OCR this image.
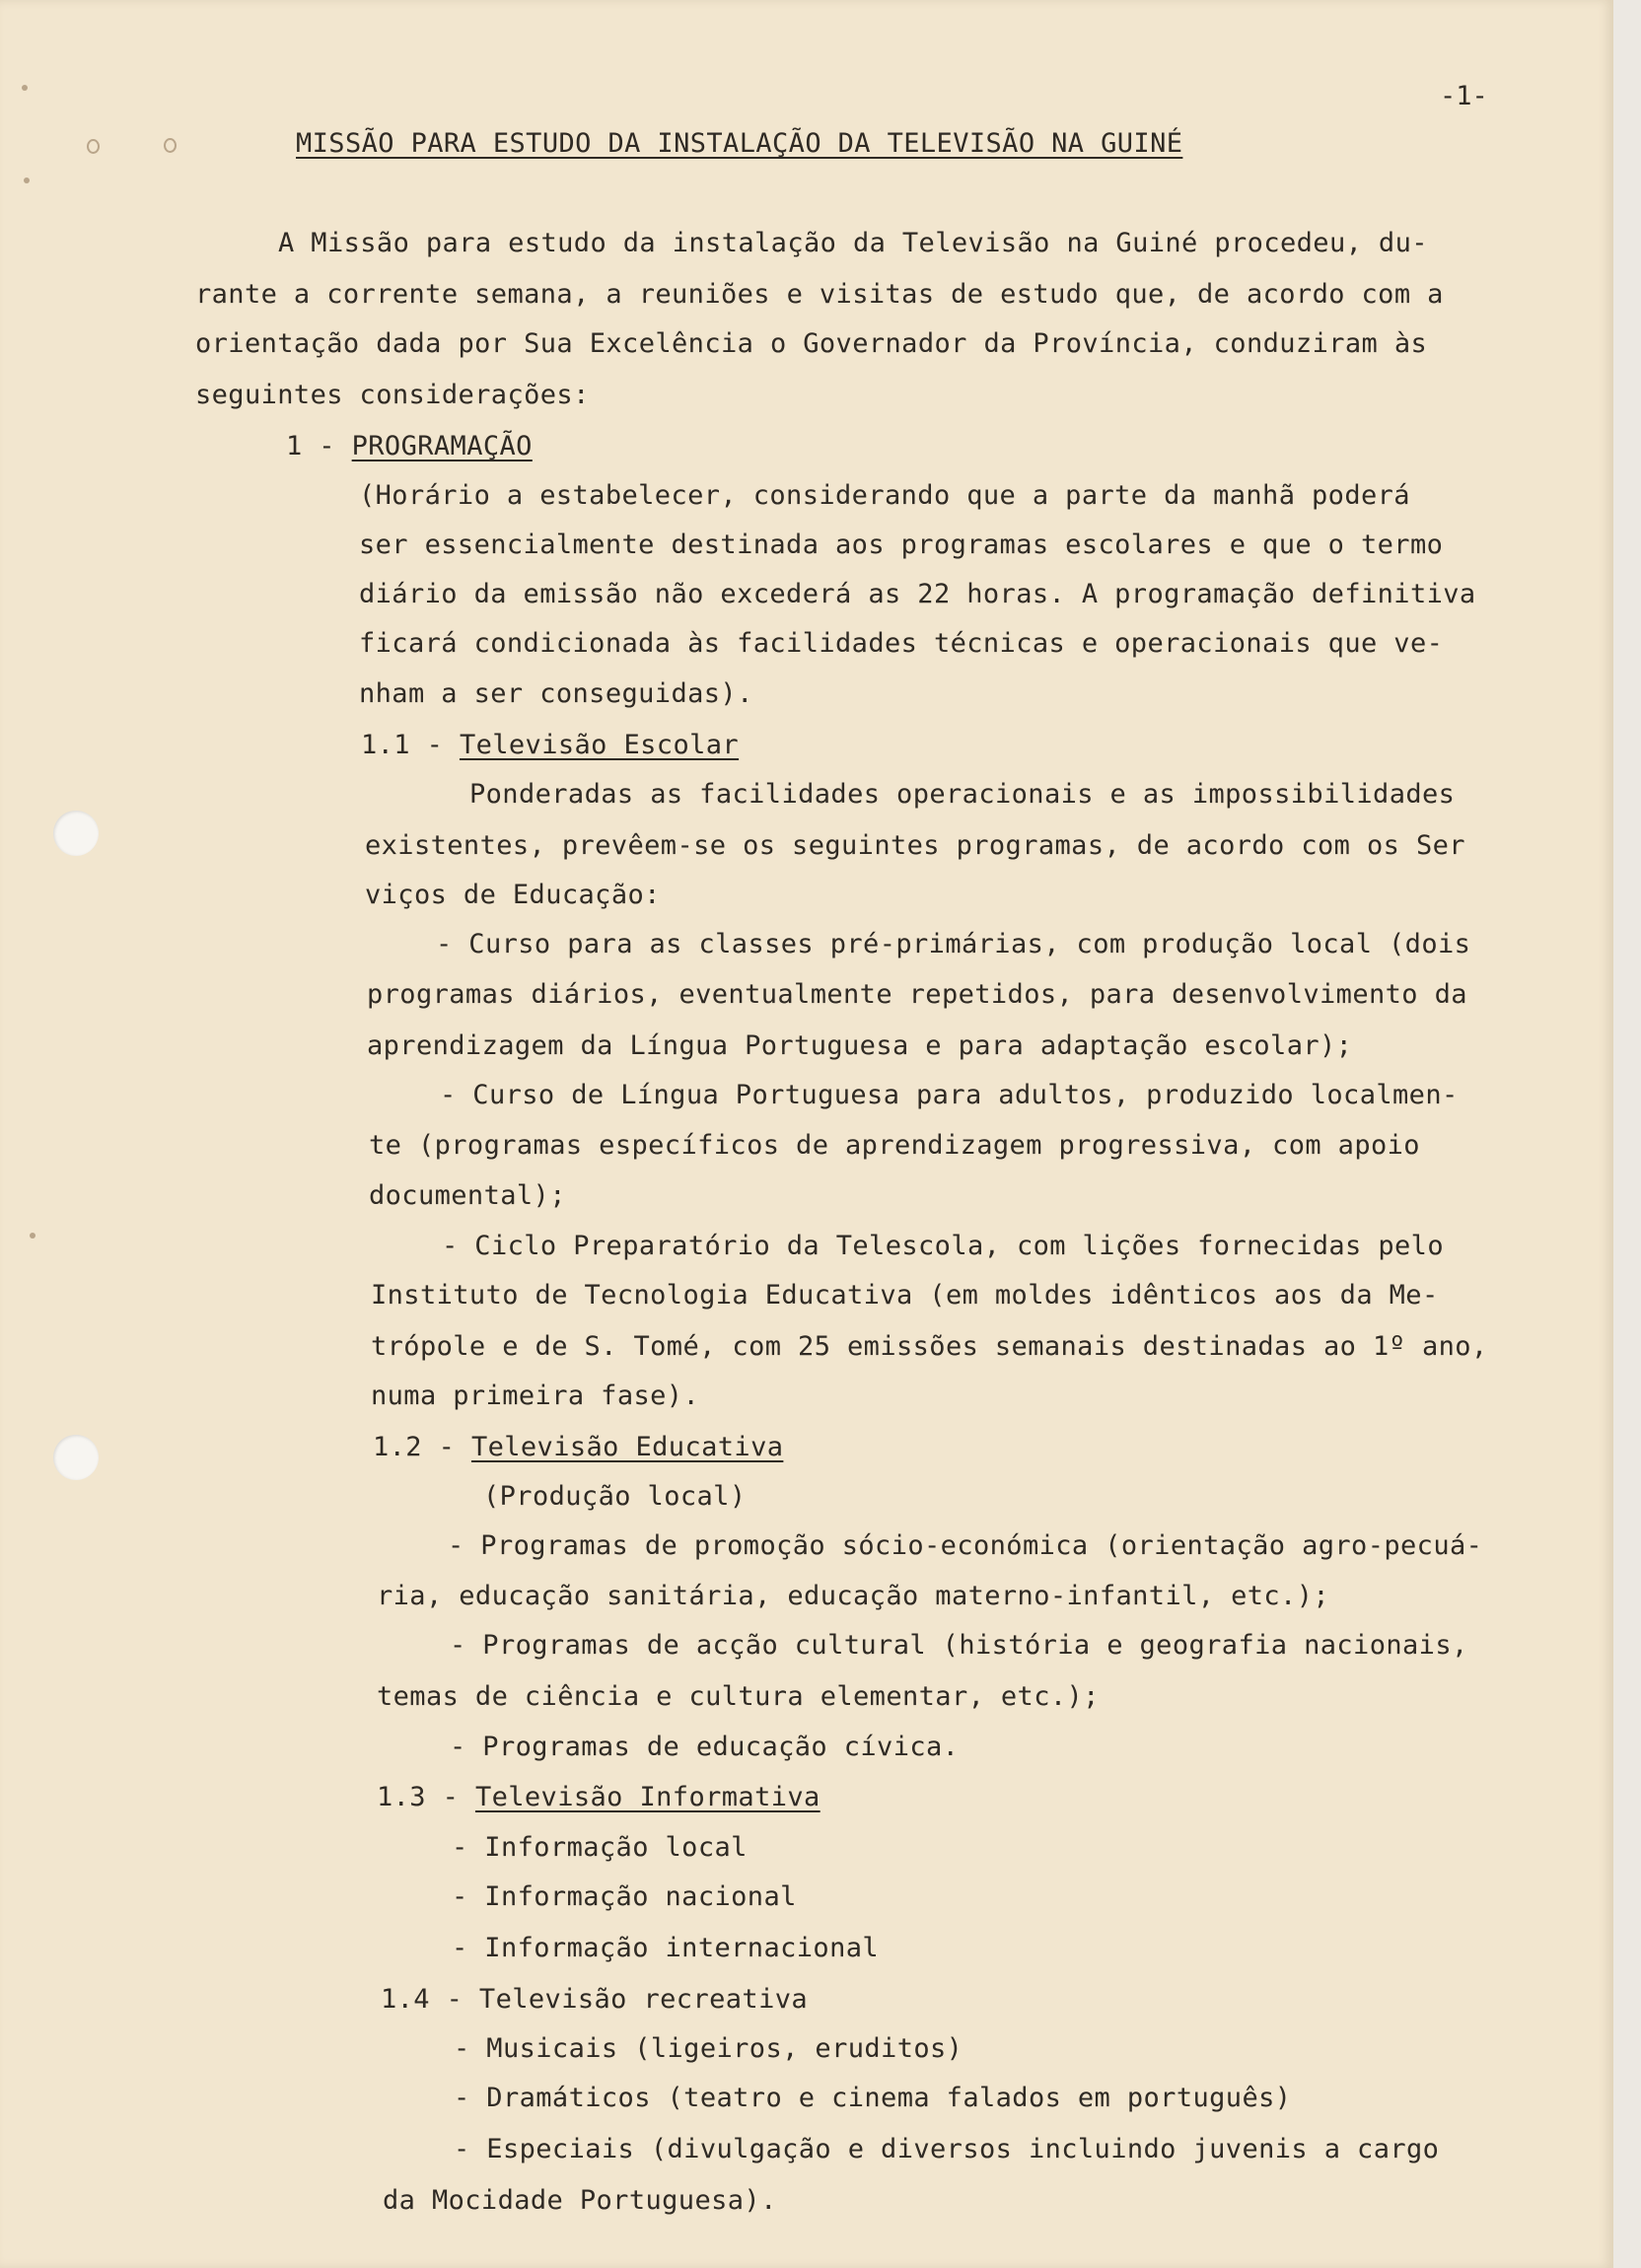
-1-
MISSÃO PARA ESTUDO DA INSTALAÇÃO DA TELEVISÃO NA GUINÉ
A Missão para estudo da instalação da Televisão na Guiné procedeu, du-
rante a corrente semana, a reuniões e visitas de estudo que, de acordo com a
orientação dada por Sua Excelência o Governador da Província, conduziram às
seguintes considerações:
1 - PROGRAMAÇÃO
(Horário a estabelecer, considerando que a parte da manhã poderá
ser essencialmente destinada aos programas escolares e que o termo
diário da emissão não excederá as 22 horas. A programação definitiva
ficará condicionada às facilidades técnicas e operacionais que ve-
nham a ser conseguidas).
1.1 - Televisão Escolar
Ponderadas as facilidades operacionais e as impossibilidades
existentes, prevêem-se os seguintes programas, de acordo com os Ser
viços de Educação:
- Curso para as classes pré-primárias, com produção local (dois
programas diários, eventualmente repetidos, para desenvolvimento da
aprendizagem da Língua Portuguesa e para adaptação escolar);
- Curso de Língua Portuguesa para adultos, produzido localmen-
te (programas específicos de aprendizagem progressiva, com apoio
documental);
- Ciclo Preparatório da Telescola, com lições fornecidas pelo
Instituto de Tecnologia Educativa (em moldes idênticos aos da Me-
trópole e de S. Tomé, com 25 emissões semanais destinadas ao 1º ano,
numa primeira fase).
1.2 - Televisão Educativa
(Produção local)
- Programas de promoção sócio-económica (orientação agro-pecuá-
ria, educação sanitária, educação materno-infantil, etc.);
- Programas de acção cultural (história e geografia nacionais,
temas de ciência e cultura elementar, etc.);
- Programas de educação cívica.
1.3 - Televisão Informativa
- Informação local
- Informação nacional
- Informação internacional
1.4 - Televisão recreativa
- Musicais (ligeiros, eruditos)
- Dramáticos (teatro e cinema falados em português)
- Especiais (divulgação e diversos incluindo juvenis a cargo
da Mocidade Portuguesa).
